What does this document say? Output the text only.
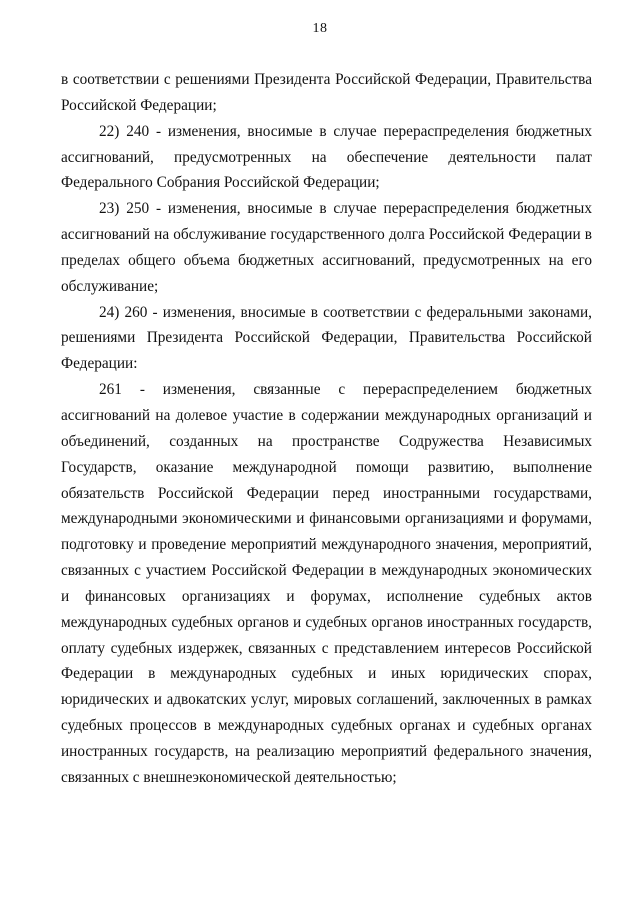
18

в соответствии с решениями Президента Российской Федерации, Правительства Российской Федерации;

22) 240 - изменения, вносимые в случае перераспределения бюджетных ассигнований, предусмотренных на обеспечение деятельности палат Федерального Собрания Российской Федерации;

23) 250 - изменения, вносимые в случае перераспределения бюджетных ассигнований на обслуживание государственного долга Российской Федерации в пределах общего объема бюджетных ассигнований, предусмотренных на его обслуживание;

24) 260 - изменения, вносимые в соответствии с федеральными законами, решениями Президента Российской Федерации, Правительства Российской Федерации:

261 - изменения, связанные с перераспределением бюджетных ассигнований на долевое участие в содержании международных организаций и объединений, созданных на пространстве Содружества Независимых Государств, оказание международной помощи развитию, выполнение обязательств Российской Федерации перед иностранными государствами, международными экономическими и финансовыми организациями и форумами, подготовку и проведение мероприятий международного значения, мероприятий, связанных с участием Российской Федерации в международных экономических и финансовых организациях и форумах, исполнение судебных актов международных судебных органов и судебных органов иностранных государств, оплату судебных издержек, связанных с представлением интересов Российской Федерации в международных судебных и иных юридических спорах, юридических и адвокатских услуг, мировых соглашений, заключенных в рамках судебных процессов в международных судебных органах и судебных органах иностранных государств, на реализацию мероприятий федерального значения, связанных с внешнеэкономической деятельностью;
